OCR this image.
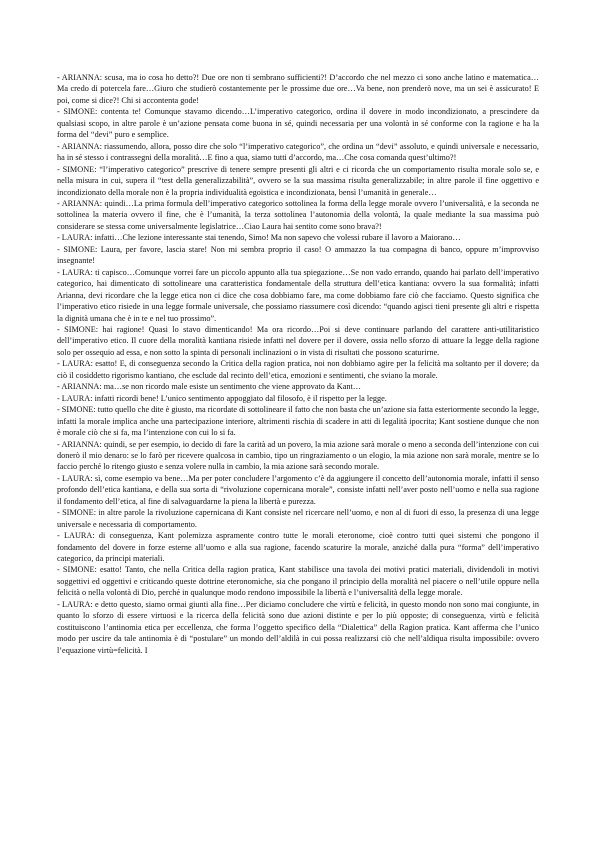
- ARIANNA: scusa, ma io cosa ho detto?! Due ore non ti sembrano sufficienti?! D’accordo che nel mezzo ci sono anche latino e matematica…Ma credo di potercela fare…Giuro che studierò costantemente per le prossime due ore…Va bene, non prenderò nove, ma un sei è assicurato! E poi, come si dice?! Chi si accontenta gode!

- SIMONE: contenta te! Comunque stavamo dicendo…L’imperativo categorico, ordina il dovere in modo incondizionato, a prescindere da qualsiasi scopo, in altre parole è un’azione pensata come buona in sé, quindi necessaria per una volontà in sé conforme con la ragione e ha la forma del “devi” puro e semplice.

- ARIANNA: riassumendo, allora, posso dire che solo “l’imperativo categorico”, che ordina un “devi” assoluto, e quindi universale e necessario, ha in sé stesso i contrassegni della moralità…E fino a qua, siamo tutti d’accordo, ma…Che cosa comanda quest’ultimo?!

- SIMONE: “l’imperativo categorico” prescrive di tenere sempre presenti gli altri e ci ricorda che un comportamento risulta morale solo se, e nella misura in cui, supera il “test della generalizzabilità”, ovvero se la sua massima risulta generalizzabile; in altre parole il fine oggettivo e incondizionato della morale non è la propria individualità egoistica e incondizionata, bensì l’umanità in generale…

- ARIANNA: quindi…La prima formula dell’imperativo categorico sottolinea la forma della legge morale ovvero l’universalità, e la seconda ne sottolinea la materia ovvero il fine, che è l’umanità, la terza sottolinea l’autonomia della volontà, la quale mediante la sua massima può considerare se stessa come universalmente legislatrice…Ciao Laura hai sentito come sono brava?!

- LAURA: infatti…Che lezione interessante stai tenendo, Simo! Ma non sapevo che volessi rubare il lavoro a Maiorano…

- SIMONE: Laura, per favore, lascia stare! Non mi sembra proprio il caso! O ammazzo la tua compagna di banco, oppure m’improvviso insegnante!

- LAURA: ti capisco…Comunque vorrei fare un piccolo appunto alla tua spiegazione…Se non vado errando, quando hai parlato dell’imperativo categorico, hai dimenticato di sottolineare una caratteristica fondamentale della struttura dell’etica kantiana: ovvero la sua formalità; infatti Arianna, devi ricordare che la legge etica non ci dice che cosa dobbiamo fare, ma come dobbiamo fare ciò che facciamo. Questo significa che l’imperativo etico risiede in una legge formale universale, che possiamo riassumere così dicendo: “quando agisci tieni presente gli altri e rispetta la dignità umana che è in te e nel tuo prossimo”.

- SIMONE: hai ragione! Quasi lo stavo dimenticando! Ma ora ricordo…Poi si deve continuare parlando del carattere anti-utilitaristico dell’imperativo etico. Il cuore della moralità kantiana risiede infatti nel dovere per il dovere, ossia nello sforzo di attuare la legge della ragione solo per ossequio ad essa, e non sotto la spinta di personali inclinazioni o in vista di risultati che possono scaturirne.

- LAURA: esatto! E, di conseguenza secondo la Critica della ragion pratica, noi non dobbiamo agire per la felicità ma soltanto per il dovere; da ciò il cosiddetto rigorismo kantiano, che esclude dal recinto dell’etica, emozioni e sentimenti, che sviano la morale.

- ARIANNA: ma…se non ricordo male esiste un sentimento che viene approvato da Kant…

- LAURA: infatti ricordi bene! L’unico sentimento appoggiato dal filosofo, è il rispetto per la legge.

- SIMONE: tutto quello che dite è giusto, ma ricordate di sottolineare il fatto che non basta che un’azione sia fatta esteriormente secondo la legge, infatti la morale implica anche una partecipazione interiore, altrimenti rischia di scadere in atti di legalità ipocrita; Kant sostiene dunque che non è morale ciò che si fa, ma l’intenzione con cui lo si fa.

- ARIANNA: quindi, se per esempio, io decido di fare la carità ad un povero, la mia azione sarà morale o meno a seconda dell’intenzione con cui donerò il mio denaro: se lo farò per ricevere qualcosa in cambio, tipo un ringraziamento o un elogio, la mia azione non sarà morale, mentre se lo faccio perché lo ritengo giusto e senza volere nulla in cambio, la mia azione sarà secondo morale.

- LAURA: sì, come esempio va bene…Ma per poter concludere l’argomento c’è da aggiungere il concetto dell’autonomia morale, infatti il senso profondo dell’etica kantiana, e della sua sorta di “rivoluzione copernicana morale”, consiste infatti nell’aver posto nell’uomo e nella sua ragione il fondamento dell’etica, al fine di salvaguardarne la piena la libertà e purezza.

- SIMONE: in altre parole la rivoluzione capernicana di Kant consiste nel ricercare nell’uomo, e non al di fuori di esso, la presenza di una legge universale e necessaria di comportamento.

- LAURA: di conseguenza, Kant polemizza aspramente contro tutte le morali eteronome, cioè contro tutti quei sistemi che pongono il fondamento del dovere in forze esterne all’uomo e alla sua ragione, facendo scaturire la morale, anziché dalla pura “forma” dell’imperativo categorico, da principi materiali.

- SIMONE: esatto! Tanto, che nella Critica della ragion pratica, Kant stabilisce una tavola dei motivi pratici materiali, dividendoli in motivi soggettivi ed oggettivi e criticando queste dottrine eteronomiche, sia che pongano il principio della moralità nel piacere o nell’utile oppure nella felicità o nella volontà di Dio, perché in qualunque modo rendono impossibile la libertà e l’universalità della legge morale.

- LAURA: e detto questo, siamo ormai giunti alla fine…Per diciamo concludere che virtù e felicità, in questo mondo non sono mai congiunte, in quanto lo sforzo di essere virtuosi e la ricerca della felicità sono due azioni distinte e per lo più opposte; di conseguenza, virtù e felicità costituiscono l’antinomia etica per eccellenza, che forma l’oggetto specifico della “Dialettica” della Ragion pratica. Kant afferma che l’unico modo per uscire da tale antinomia è di “postulare” un mondo dell’aldilà in cui possa realizzarsi ciò che nell’aldiqua risulta impossibile: ovvero l’equazione virtù=felicità. I
